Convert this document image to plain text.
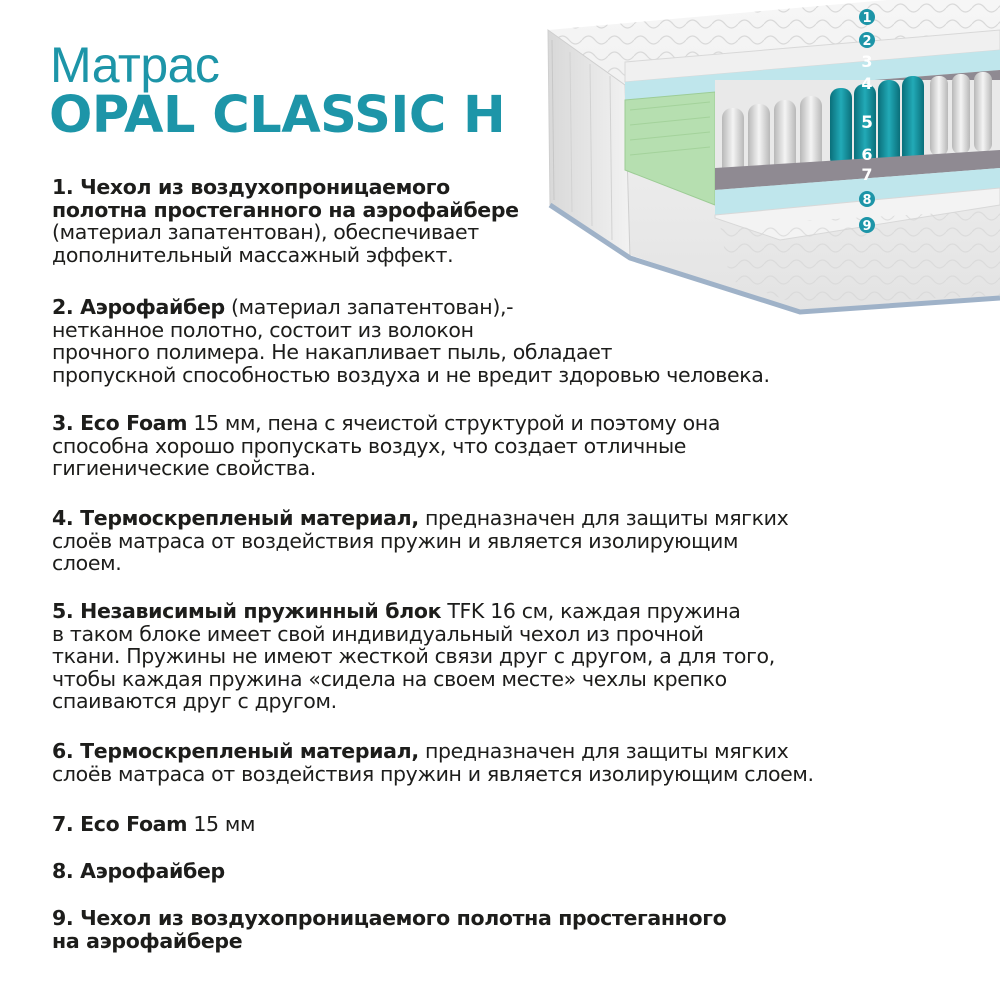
Матрас
OPAL CLASSIC H
1
2
3
4
5
6
7
8
9
1. Чехол из воздухопроницаемого
полотна простеганного на аэрофайбере
(материал запатентован), обеспечивает
дополнительный массажный эффект.
2. Аэрофайбер (материал запатентован),-
нетканное полотно, состоит из волокон
прочного полимера. Не накапливает пыль, обладает
пропускной способностью воздуха и не вредит здоровью человека.
3. Eco Foam 15 мм, пена с ячеистой структурой и поэтому она
способна хорошо пропускать воздух, что создает отличные
гигиенические свойства.
4. Термоскрепленый материал, предназначен для защиты мягких
слоёв матраса от воздействия пружин и является изолирующим
слоем.
5. Независимый пружинный блок TFK 16 см, каждая пружина
в таком блоке имеет свой индивидуальный чехол из прочной
ткани. Пружины не имеют жесткой связи друг с другом, а для того,
чтобы каждая пружина «сидела на своем месте» чехлы крепко
спаиваются друг с другом.
6. Термоскрепленый материал, предназначен для защиты мягких
слоёв матраса от воздействия пружин и является изолирующим слоем.
7. Eco Foam 15 мм
8. Аэрофайбер
9. Чехол из воздухопроницаемого полотна простеганного
на аэрофайбере
